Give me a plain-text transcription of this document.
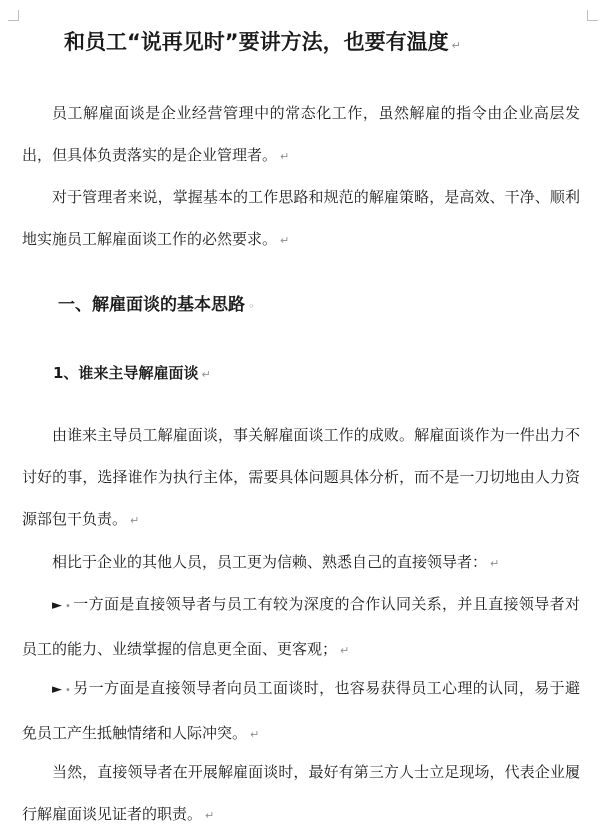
和员工“说再见时”要讲方法，也要有温度 ↵
员工解雇面谈是企业经营管理中的常态化工作，虽然解雇的指令由企业高层发出，但具体负责落实的是企业管理者。 ↵
对于管理者来说，掌握基本的工作思路和规范的解雇策略，是高效、干净、顺利地实施员工解雇面谈工作的必然要求。 ↵
一、解雇面谈的基本思路 ◦
1、谁来主导解雇面谈 ↵
由谁来主导员工解雇面谈，事关解雇面谈工作的成败。解雇面谈作为一件出力不讨好的事，选择谁作为执行主体，需要具体问题具体分析，而不是一刀切地由人力资源部包干负责。 ↵
相比于企业的其他人员，员工更为信赖、熟悉自己的直接领导者： ↵
► • 一方面是直接领导者与员工有较为深度的合作认同关系，并且直接领导者对员工的能力、业绩掌握的信息更全面、更客观； ↵
► • 另一方面是直接领导者向员工面谈时，也容易获得员工心理的认同，易于避免员工产生抵触情绪和人际冲突。 ↵
当然，直接领导者在开展解雇面谈时，最好有第三方人士立足现场，代表企业履行解雇面谈见证者的职责。 ↵
